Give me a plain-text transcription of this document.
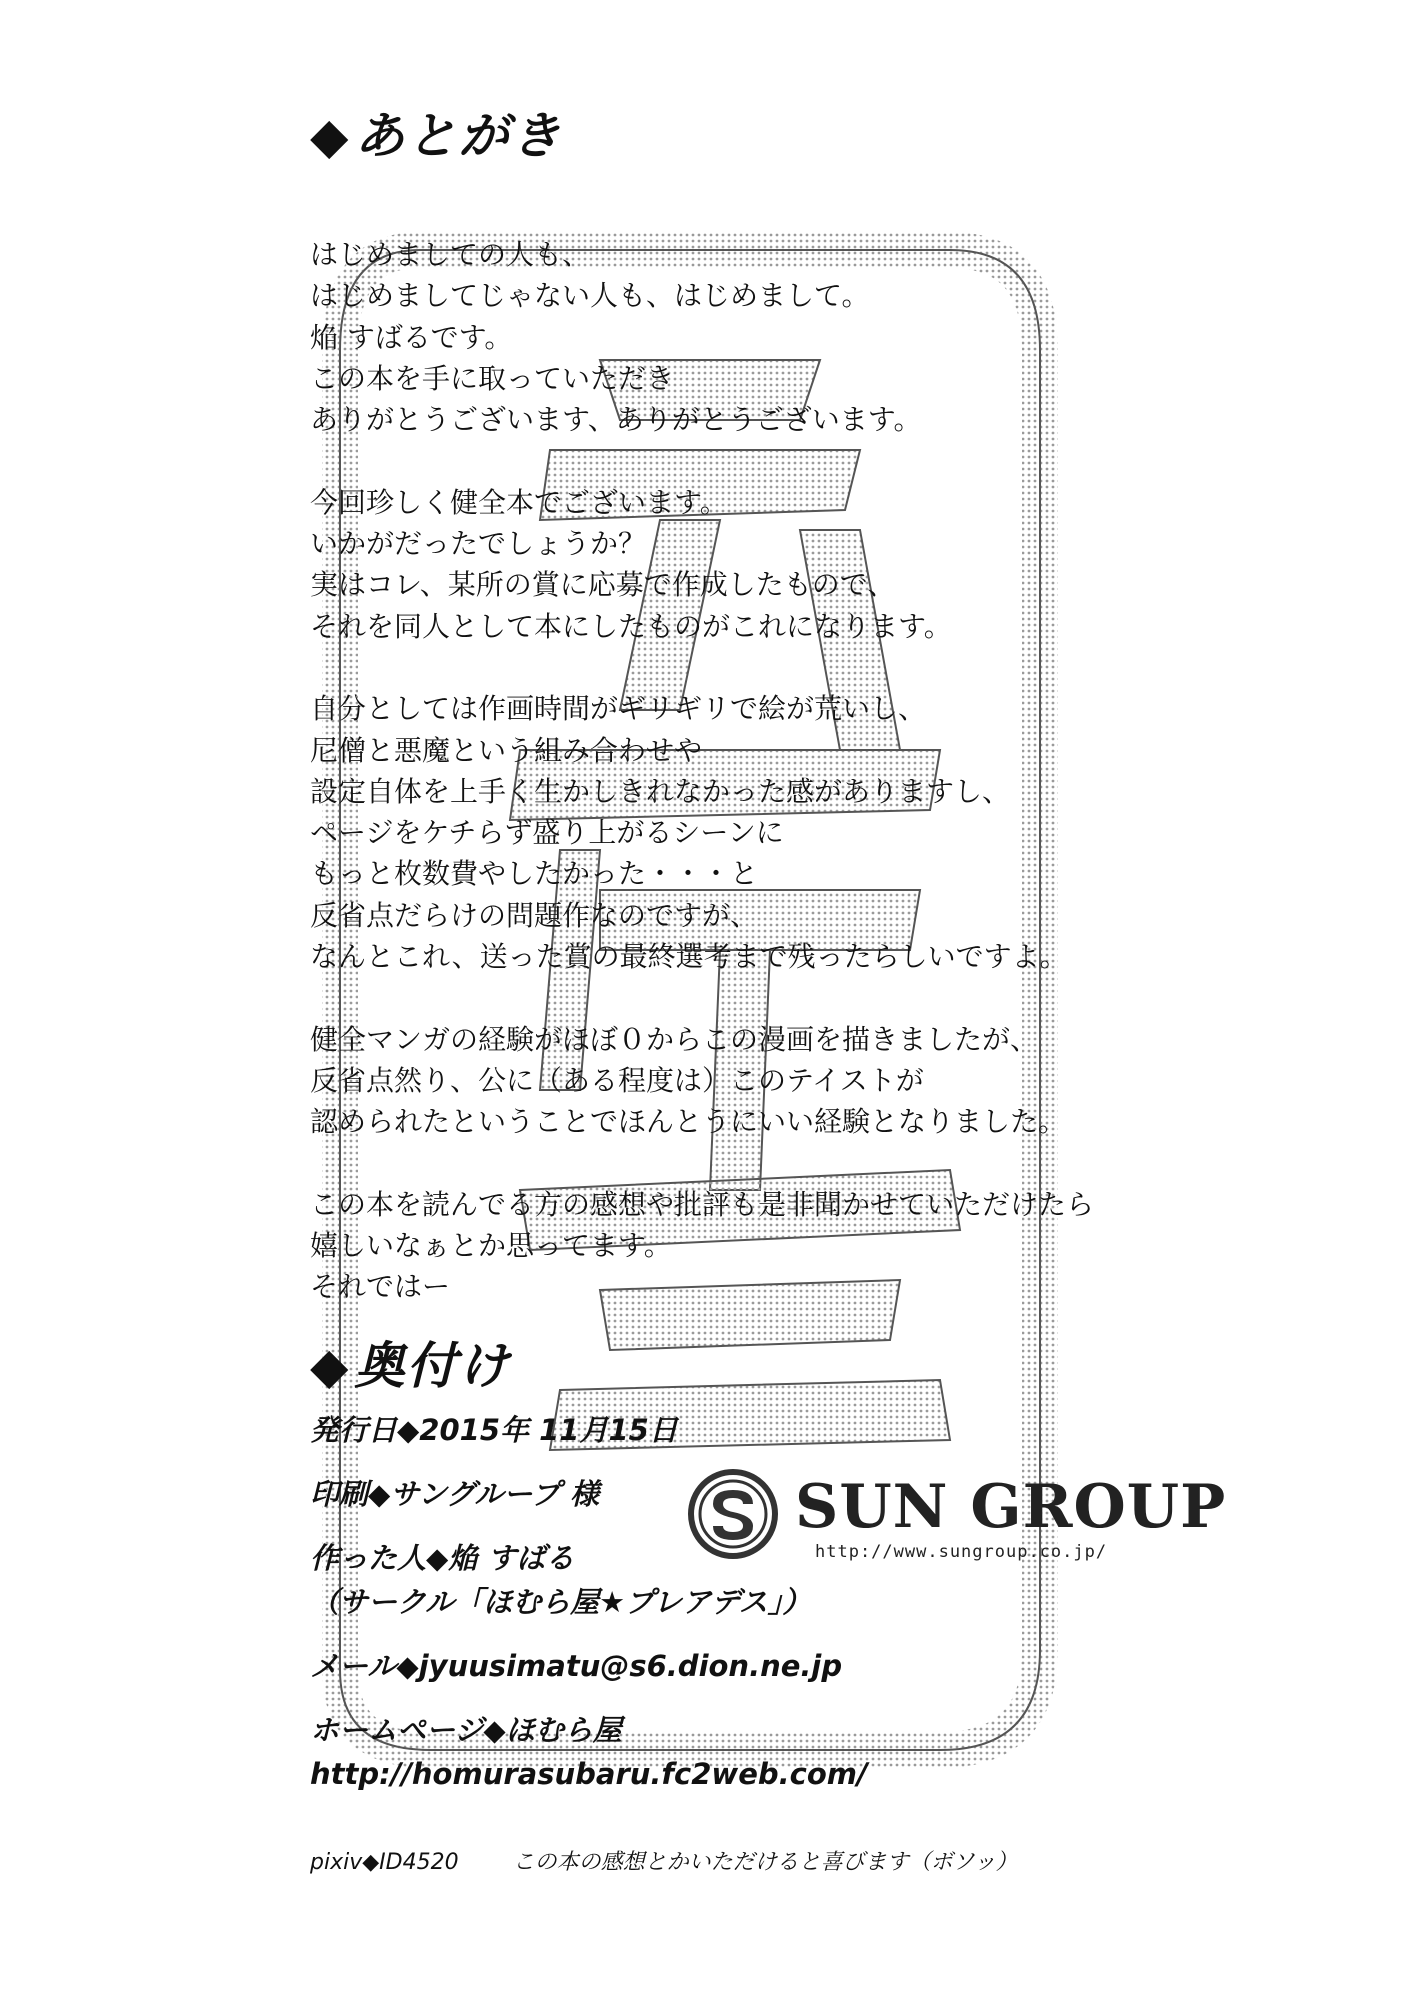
◆あとがき
はじめましての人も、
はじめましてじゃない人も、はじめまして。
焔 すばるです。
この本を手に取っていただき
ありがとうございます、ありがとうございます。
今回珍しく健全本でございます。
いかがだったでしょうか？
実はコレ、某所の賞に応募で作成したもので、
それを同人として本にしたものがこれになります。
自分としては作画時間がギリギリで絵が荒いし、
尼僧と悪魔という組み合わせや
設定自体を上手く生かしきれなかった感がありますし、
ページをケチらず盛り上がるシーンに
もっと枚数費やしたかった・・・と
反省点だらけの問題作なのですが、
なんとこれ、送った賞の最終選考まで残ったらしいですよ。
健全マンガの経験がほぼ０からこの漫画を描きましたが、
反省点然り、公に（ある程度は）このテイストが
認められたということでほんとうにいい経験となりました。
この本を読んでる方の感想や批評も是非聞かせていただけたら
嬉しいなぁとか思ってます。
それではー
◆奥付け
発行日◆2015年 11月15日
印刷◆サングループ 様
作った人◆焔 すばる
（サークル「ほむら屋★プレアデス」）
メール◆jyuusimatu@s6.dion.ne.jp
ホームページ◆ほむら屋
http://homurasubaru.fc2web.com/
SUN GROUP
http://www.sungroup.co.jp/
pixiv◆ID4520 この本の感想とかいただけると喜びます（ボソッ）
